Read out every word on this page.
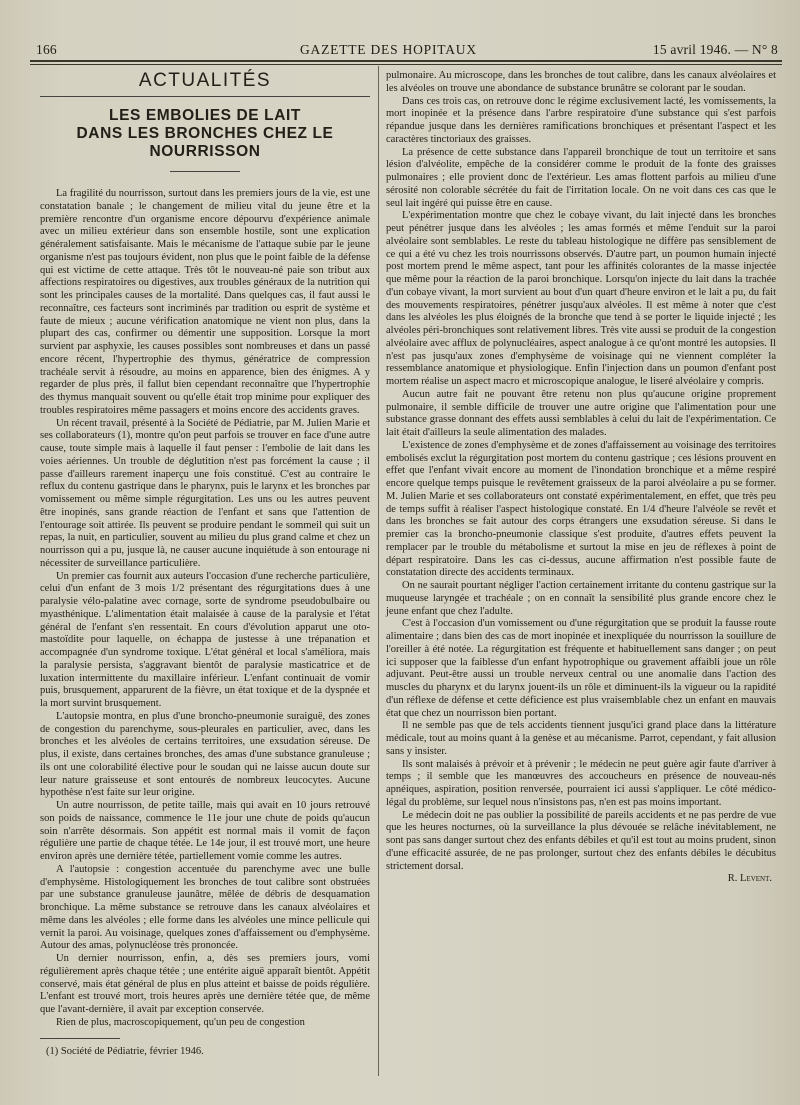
166	GAZETTE DES HOPITAUX	15 avril 1946. — N° 8
ACTUALITÉS
LES EMBOLIES DE LAIT
DANS LES BRONCHES CHEZ LE NOURRISSON

La fragilité du nourrisson, surtout dans les premiers jours de la vie, est une constatation banale ; le changement de milieu vital du jeune être et la première rencontre d'un organisme encore dépourvu d'expérience animale avec un milieu extérieur dans son ensemble hostile, sont une explication généralement satisfaisante. Mais le mécanisme de l'attaque subie par le jeune organisme n'est pas toujours évident, non plus que le point faible de la défense qui est victime de cette attaque. Très tôt le nouveau-né paie son tribut aux affections respiratoires ou digestives, aux troubles généraux de la nutrition qui sont les principales causes de la mortalité. Dans quelques cas, il faut aussi le reconnaître, ces facteurs sont incriminés par tradition ou esprit de système et faute de mieux ; aucune vérification anatomique ne vient non plus, dans la plupart des cas, confirmer ou démentir une supposition. Lorsque la mort survient par asphyxie, les causes possibles sont nombreuses et dans un passé encore récent, l'hypertrophie des thymus, génératrice de compression trachéale servit à résoudre, au moins en apparence, bien des énigmes. A y regarder de plus près, il fallut bien cependant reconnaître que l'hypertrophie des thymus manquait souvent ou qu'elle était trop minime pour expliquer des troubles respiratoires même passagers et moins encore des accidents graves.

Un récent travail, présenté à la Société de Pédiatrie, par M. Julien Marie et ses collaborateurs (1), montre qu'on peut parfois se trouver en face d'une autre cause, toute simple mais à laquelle il faut penser : l'embolie de lait dans les voies aériennes. Un trouble de déglutition n'est pas forcément la cause ; il passe d'ailleurs rarement inaperçu une fois constitué. C'est au contraire le reflux du contenu gastrique dans le pharynx, puis le larynx et les bronches par vomissement ou même simple régurgitation. Les uns ou les autres peuvent être inopinés, sans grande réaction de l'enfant et sans que l'attention de l'entourage soit attirée. Ils peuvent se produire pendant le sommeil qui suit un repas, la nuit, en particulier, souvent au milieu du plus grand calme et chez un nourrisson qui a pu, jusque là, ne causer aucune inquiétude à son entourage ni nécessiter de surveillance particulière.

Un premier cas fournit aux auteurs l'occasion d'une recherche particulière, celui d'un enfant de 3 mois 1/2 présentant des régurgitations dues à une paralysie vélo-palatine avec cornage, sorte de syndrome pseudobulbaire ou myasthénique. L'alimentation était malaisée à cause de la paralysie et l'état général de l'enfant s'en ressentait. En cours d'évolution apparut une oto-mastoïdite pour laquelle, on échappa de justesse à une trépanation et accompagnée d'un syndrome toxique. L'état général et local s'améliora, mais la paralysie persista, s'aggravant bientôt de paralysie masticatrice et de luxation intermittente du maxillaire inférieur. L'enfant continuait de vomir puis, brusquement, apparurent de la fièvre, un état toxique et de la dyspnée et la mort survint brusquement.

L'autopsie montra, en plus d'une broncho-pneumonie suraiguë, des zones de congestion du parenchyme, sous-pleurales en particulier, avec, dans les bronches et les alvéoles de certains territoires, une exsudation séreuse. De plus, il existe, dans certaines bronches, des amas d'une substance granuleuse ; ils ont une colorabilité élective pour le soudan qui ne laisse aucun doute sur leur nature graisseuse et sont entourés de nombreux leucocytes. Aucune hypothèse n'est faite sur leur origine.

Un autre nourrisson, de petite taille, mais qui avait en 10 jours retrouvé son poids de naissance, commence le 11e jour une chute de poids qu'aucun soin n'arrête désormais. Son appétit est normal mais il vomit de façon régulière une partie de chaque tétée. Le 14e jour, il est trouvé mort, une heure environ après une dernière tétée, partiellement vomie comme les autres.

A l'autopsie : congestion accentuée du parenchyme avec une bulle d'emphysème. Histologiquement les bronches de tout calibre sont obstruées par une substance granuleuse jaunâtre, mêlée de débris de desquamation bronchique. La même substance se retrouve dans les canaux alvéolaires et même dans les alvéoles ; elle forme dans les alvéoles une mince pellicule qui vernit la paroi. Au voisinage, quelques zones d'affaissement ou d'emphysème. Autour des amas, polynucléose très prononcée.

Un dernier nourrisson, enfin, a, dès ses premiers jours, vomi régulièrement après chaque tétée ; une entérite aiguë apparaît bientôt. Appétit conservé, mais état général de plus en plus atteint et baisse de poids régulière. L'enfant est trouvé mort, trois heures après une dernière tétée que, de même que l'avant-dernière, il avait par exception conservée.

Rien de plus, macroscopiquement, qu'un peu de congestion

(1) Société de Pédiatrie, février 1946.

pulmonaire. Au microscope, dans les bronches de tout calibre, dans les canaux alvéolaires et les alvéoles on trouve une abondance de substance brunâtre se colorant par le soudan.

Dans ces trois cas, on retrouve donc le régime exclusivement lacté, les vomissements, la mort inopinée et la présence dans l'arbre respiratoire d'une substance qui s'est parfois répandue jusque dans les dernières ramifications bronchiques et présentant l'aspect et les caractères tinctoriaux des graisses.

La présence de cette substance dans l'appareil bronchique de tout un territoire et sans lésion d'alvéolite, empêche de la considérer comme le produit de la fonte des graisses pulmonaires ; elle provient donc de l'extérieur. Les amas flottent parfois au milieu d'une sérosité non colorable sécrétée du fait de l'irritation locale. On ne voit dans ces cas que le seul lait ingéré qui puisse être en cause.

L'expérimentation montre que chez le cobaye vivant, du lait injecté dans les bronches peut pénétrer jusque dans les alvéoles ; les amas formés et même l'enduit sur la paroi alvéolaire sont semblables. Le reste du tableau histologique ne diffère pas sensiblement de ce qui a été vu chez les trois nourrissons observés. D'autre part, un poumon humain injecté post mortem prend le même aspect, tant pour les affinités colorantes de la masse injectée que même pour la réaction de la paroi bronchique. Lorsqu'on injecte du lait dans la trachée d'un cobaye vivant, la mort survient au bout d'un quart d'heure environ et le lait a pu, du fait des mouvements respiratoires, pénétrer jusqu'aux alvéoles. Il est même à noter que c'est dans les alvéoles les plus éloignés de la bronche que tend à se porter le liquide injecté ; les alvéoles péri-bronchiques sont relativement libres. Très vite aussi se produit de la congestion alvéolaire avec afflux de polynucléaires, aspect analogue à ce qu'ont montré les autopsies. Il n'est pas jusqu'aux zones d'emphysème de voisinage qui ne viennent compléter la ressemblance anatomique et physiologique. Enfin l'injection dans un poumon d'enfant post mortem réalise un aspect macro et microscopique analogue, le liseré alvéolaire y compris.

Aucun autre fait ne pouvant être retenu non plus qu'aucune origine proprement pulmonaire, il semble difficile de trouver une autre origine que l'alimentation pour une substance grasse donnant des effets aussi semblables à celui du lait de l'expérimentation. Ce lait était d'ailleurs la seule alimentation des malades.

L'existence de zones d'emphysème et de zones d'affaissement au voisinage des territoires embolisés exclut la régurgitation post mortem du contenu gastrique ; ces lésions prouvent en effet que l'enfant vivait encore au moment de l'inondation bronchique et a même respiré encore quelque temps puisque le revêtement graisseux de la paroi alvéolaire a pu se former. M. Julien Marie et ses collaborateurs ont constaté expérimentalement, en effet, que très peu de temps suffit à réaliser l'aspect histologique constaté. En 1/4 d'heure l'alvéole se revêt et dans les bronches se fait autour des corps étrangers une exsudation séreuse. Si dans le premier cas la broncho-pneumonie classique s'est produite, d'autres effets peuvent la remplacer par le trouble du métabolisme et surtout la mise en jeu de réflexes à point de départ respiratoire. Dans les cas ci-dessus, aucune affirmation n'est possible faute de constatation directe des accidents terminaux.

On ne saurait pourtant négliger l'action certainement irritante du contenu gastrique sur la muqueuse laryngée et trachéale ; on en connaît la sensibilité plus grande encore chez le jeune enfant que chez l'adulte.

C'est à l'occasion d'un vomissement ou d'une régurgitation que se produit la fausse route alimentaire ; dans bien des cas de mort inopinée et inexpliquée du nourrisson la souillure de l'oreiller à été notée. La régurgitation est fréquente et habituellement sans danger ; on peut ici supposer que la faiblesse d'un enfant hypotrophique ou gravement affaibli joue un rôle adjuvant. Peut-être aussi un trouble nerveux central ou une anomalie dans l'action des muscles du pharynx et du larynx jouent-ils un rôle et diminuent-ils la vigueur ou la rapidité d'un réflexe de défense et cette déficience est plus vraisemblable chez un enfant en mauvais état que chez un nourrisson bien portant.

Il ne semble pas que de tels accidents tiennent jusqu'ici grand place dans la littérature médicale, tout au moins quant à la genèse et au mécanisme. Parrot, cependant, y fait allusion sans y insister.

Ils sont malaisés à prévoir et à prévenir ; le médecin ne peut guère agir faute d'arriver à temps ; il semble que les manœuvres des accoucheurs en présence de nouveau-nés apnéiques, aspiration, position renversée, pourraient ici aussi s'appliquer. Le côté médico-légal du problème, sur lequel nous n'insistons pas, n'en est pas moins important.

Le médecin doit ne pas oublier la possibilité de pareils accidents et ne pas perdre de vue que les heures nocturnes, où la surveillance la plus dévouée se relâche inévitablement, ne sont pas sans danger surtout chez des enfants débiles et qu'il est tout au moins prudent, sinon d'une efficacité assurée, de ne pas prolonger, surtout chez des enfants débiles le décubitus strictement dorsal.

R. Levent.
